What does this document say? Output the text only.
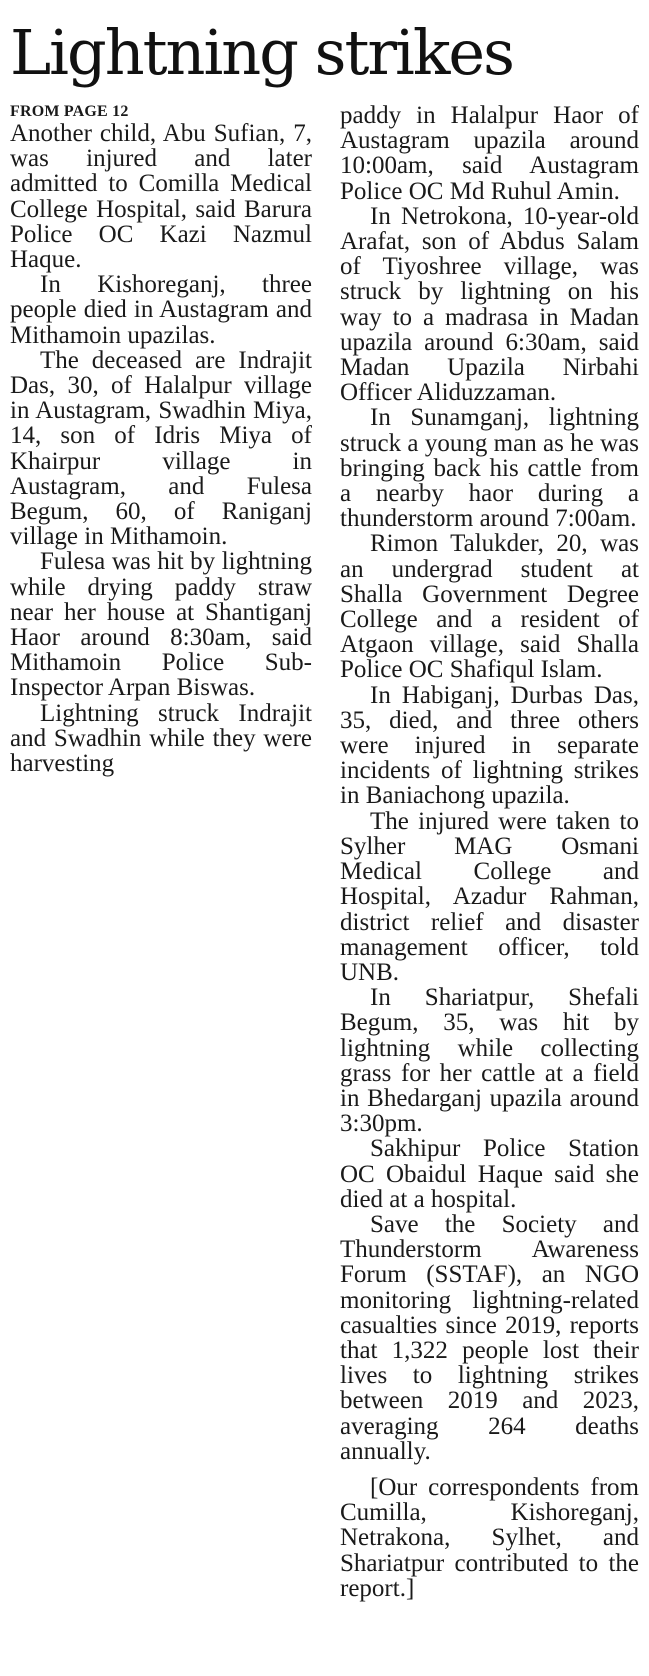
Lightning strikes

FROM PAGE 12

Another child, Abu Sufian, 7, was injured and later admitted to Comilla Medical College Hospital, said Barura Police OC Kazi Nazmul Haque.

In Kishoreganj, three people died in Austagram and Mithamoin upazilas.

The deceased are Indrajit Das, 30, of Halalpur village in Austagram, Swadhin Miya, 14, son of Idris Miya of Khairpur village in Austagram, and Fulesa Begum, 60, of Raniganj village in Mithamoin.

Fulesa was hit by lightning while drying paddy straw near her house at Shantiganj Haor around 8:30am, said Mithamoin Police Sub-Inspector Arpan Biswas.

Lightning struck Indrajit and Swadhin while they were harvesting

paddy in Halalpur Haor of Austagram upazila around 10:00am, said Austagram Police OC Md Ruhul Amin.

In Netrokona, 10-year-old Arafat, son of Abdus Salam of Tiyoshree village, was struck by lightning on his way to a madrasa in Madan upazila around 6:30am, said Madan Upazila Nirbahi Officer Aliduzzaman.

In Sunamganj, lightning struck a young man as he was bringing back his cattle from a nearby haor during a thunderstorm around 7:00am.

Rimon Talukder, 20, was an undergrad student at Shalla Government Degree College and a resident of Atgaon village, said Shalla Police OC Shafiqul Islam.

In Habiganj, Durbas Das, 35, died, and three others were injured in separate incidents of lightning strikes in Baniachong upazila.

The injured were taken to Sylher MAG Osmani Medical College and Hospital, Azadur Rahman, district relief and disaster management officer, told UNB.

In Shariatpur, Shefali Begum, 35, was hit by lightning while collecting grass for her cattle at a field in Bhedarganj upazila around 3:30pm.

Sakhipur Police Station OC Obaidul Haque said she died at a hospital.

Save the Society and Thunderstorm Awareness Forum (SSTAF), an NGO monitoring lightning-related casualties since 2019, reports that 1,322 people lost their lives to lightning strikes between 2019 and 2023, averaging 264 deaths annually.

[Our correspondents from Cumilla, Kishoreganj, Netrakona, Sylhet, and Shariatpur contributed to the report.]
